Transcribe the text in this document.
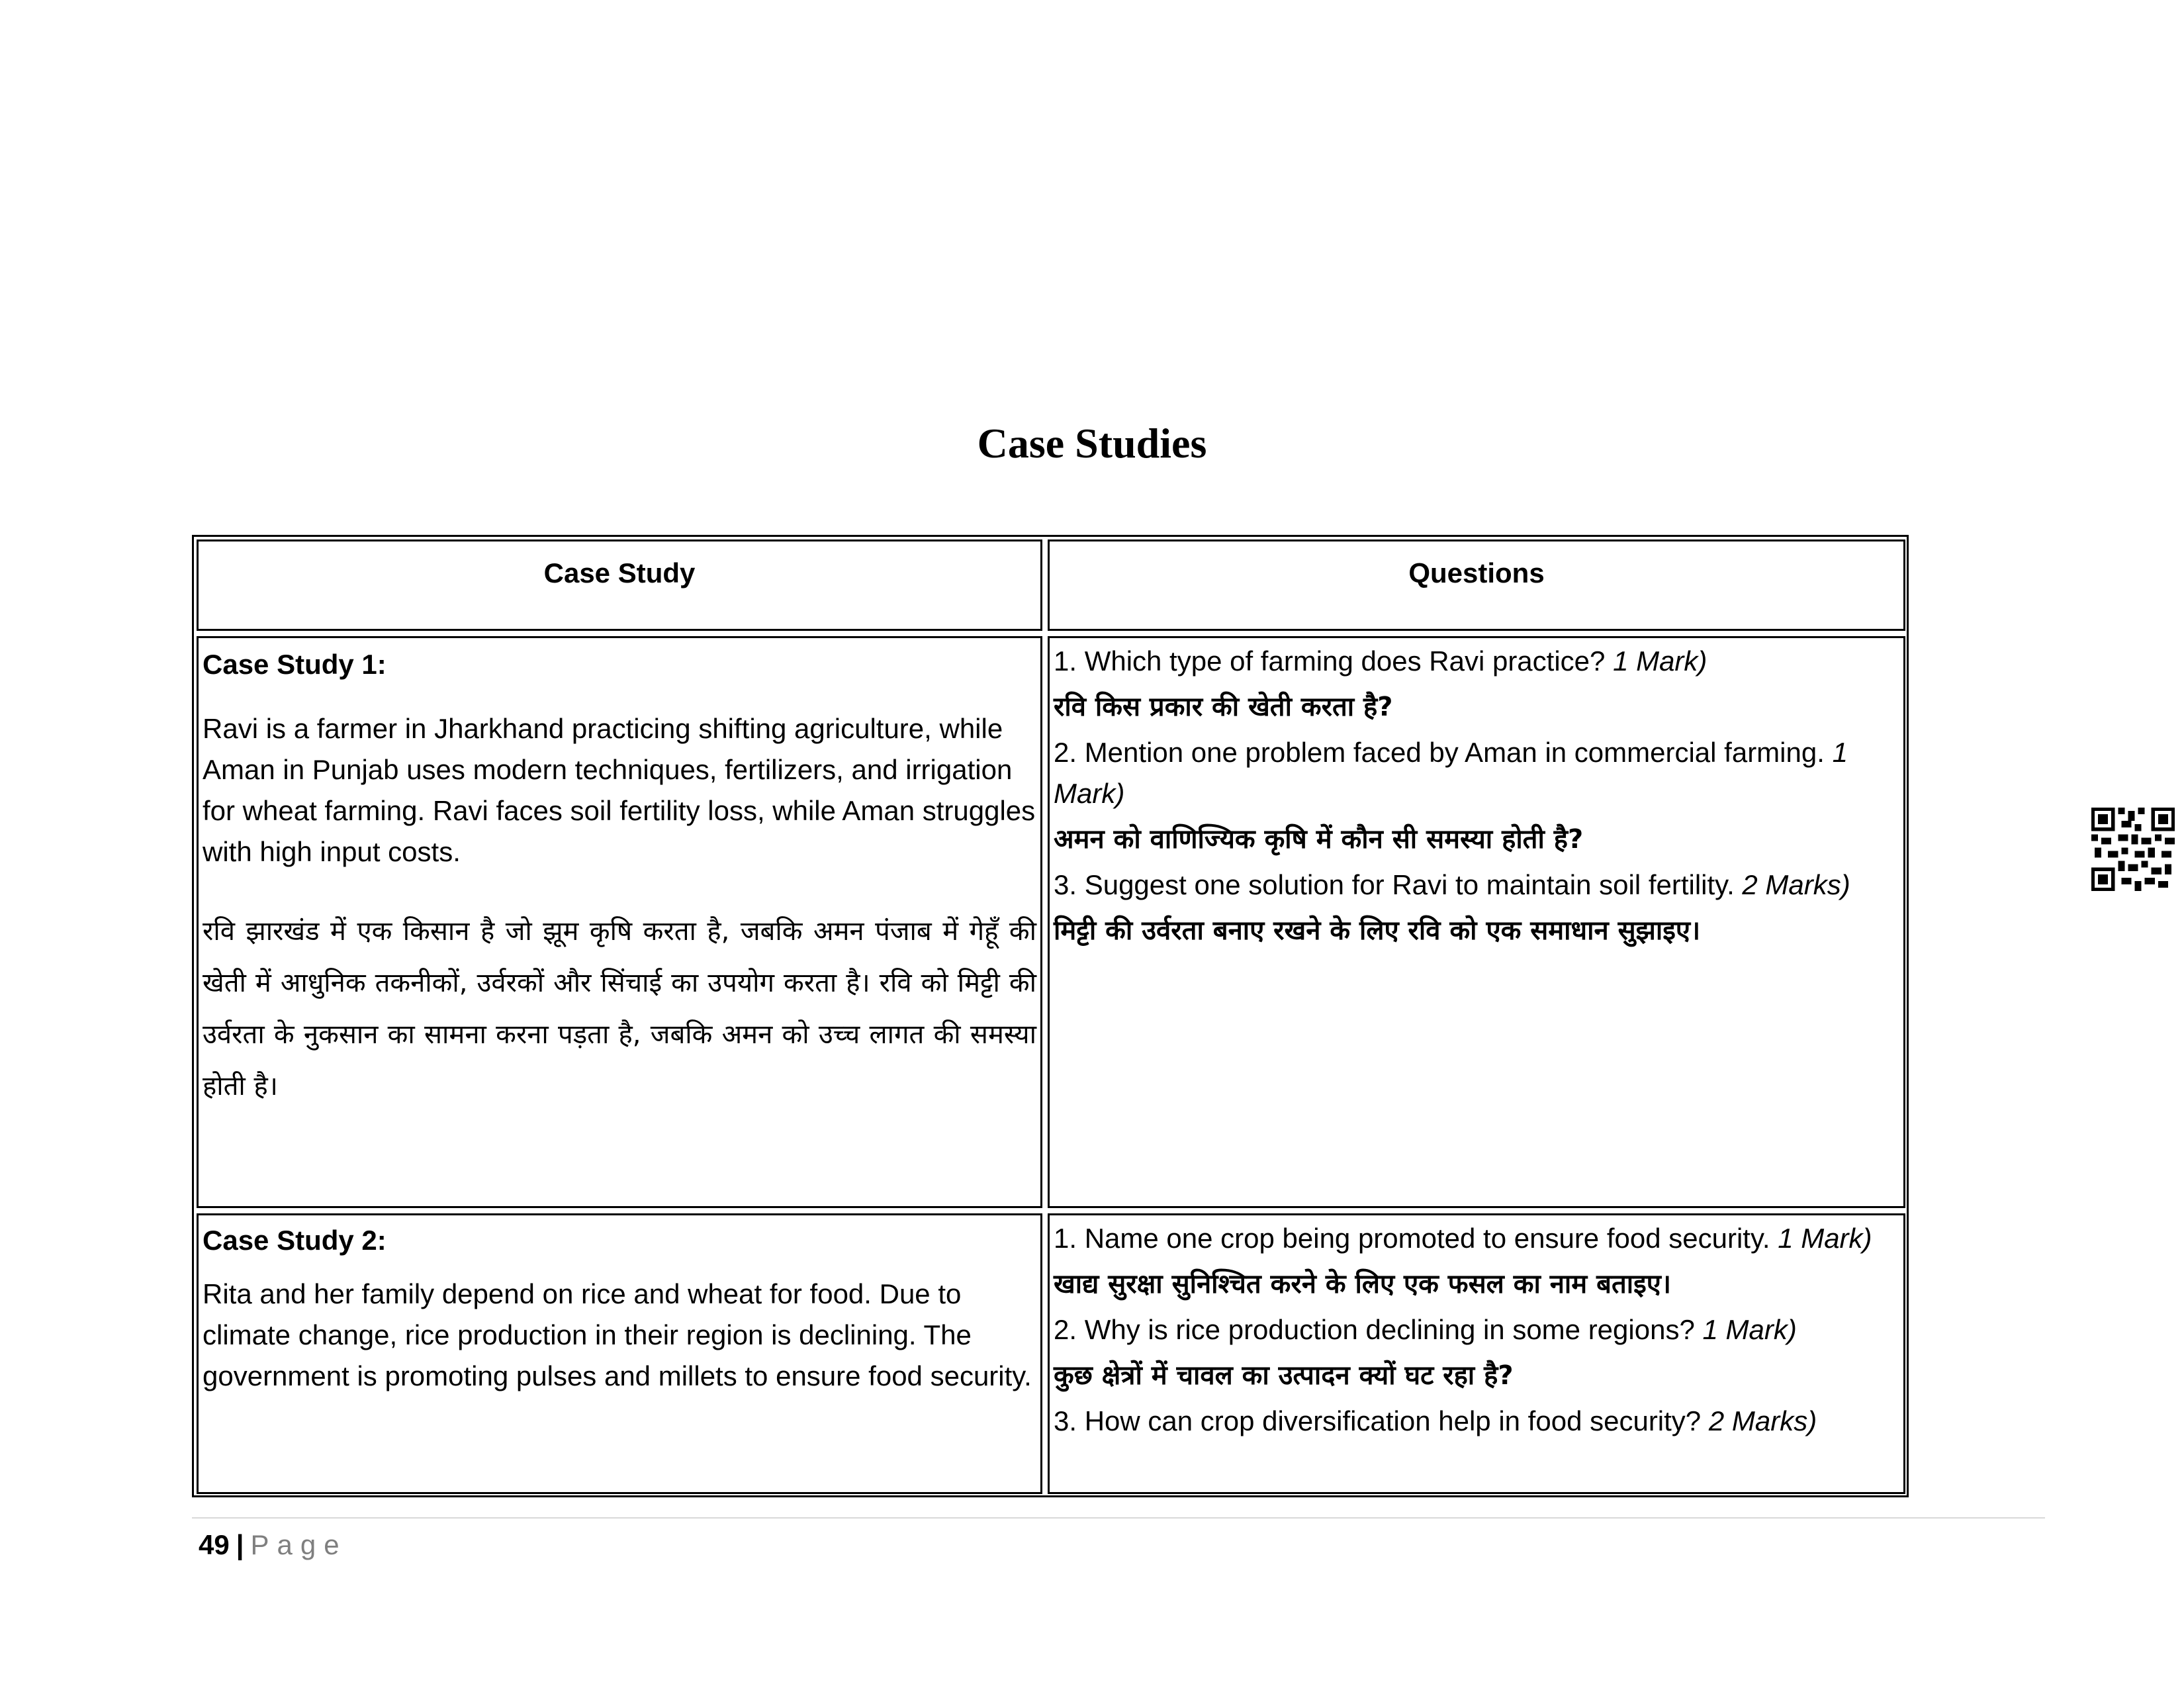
Case Studies
Case Study	Questions
Case Study 1:
Ravi is a farmer in Jharkhand practicing shifting agriculture, while Aman in Punjab uses modern techniques, fertilizers, and irrigation for wheat farming. Ravi faces soil fertility loss, while Aman struggles with high input costs.
रवि झारखंड में एक किसान है जो झूम कृषि करता है, जबकि अमन पंजाब में गेहूँ की खेती में आधुनिक तकनीकों, उर्वरकों और सिंचाई का उपयोग करता है। रवि को मिट्टी की उर्वरता के नुकसान का सामना करना पड़ता है, जबकि अमन को उच्च लागत की समस्या होती है।
1. Which type of farming does Ravi practice? 1 Mark)
रवि किस प्रकार की खेती करता है?
2. Mention one problem faced by Aman in commercial farming. 1 Mark)
अमन को वाणिज्यिक कृषि में कौन सी समस्या होती है?
3. Suggest one solution for Ravi to maintain soil fertility. 2 Marks)
मिट्टी की उर्वरता बनाए रखने के लिए रवि को एक समाधान सुझाइए।
Case Study 2:
Rita and her family depend on rice and wheat for food. Due to climate change, rice production in their region is declining. The government is promoting pulses and millets to ensure food security.
1. Name one crop being promoted to ensure food security. 1 Mark)
खाद्य सुरक्षा सुनिश्चित करने के लिए एक फसल का नाम बताइए।
2. Why is rice production declining in some regions? 1 Mark)
कुछ क्षेत्रों में चावल का उत्पादन क्यों घट रहा है?
3. How can crop diversification help in food security? 2 Marks)
49 | Page
